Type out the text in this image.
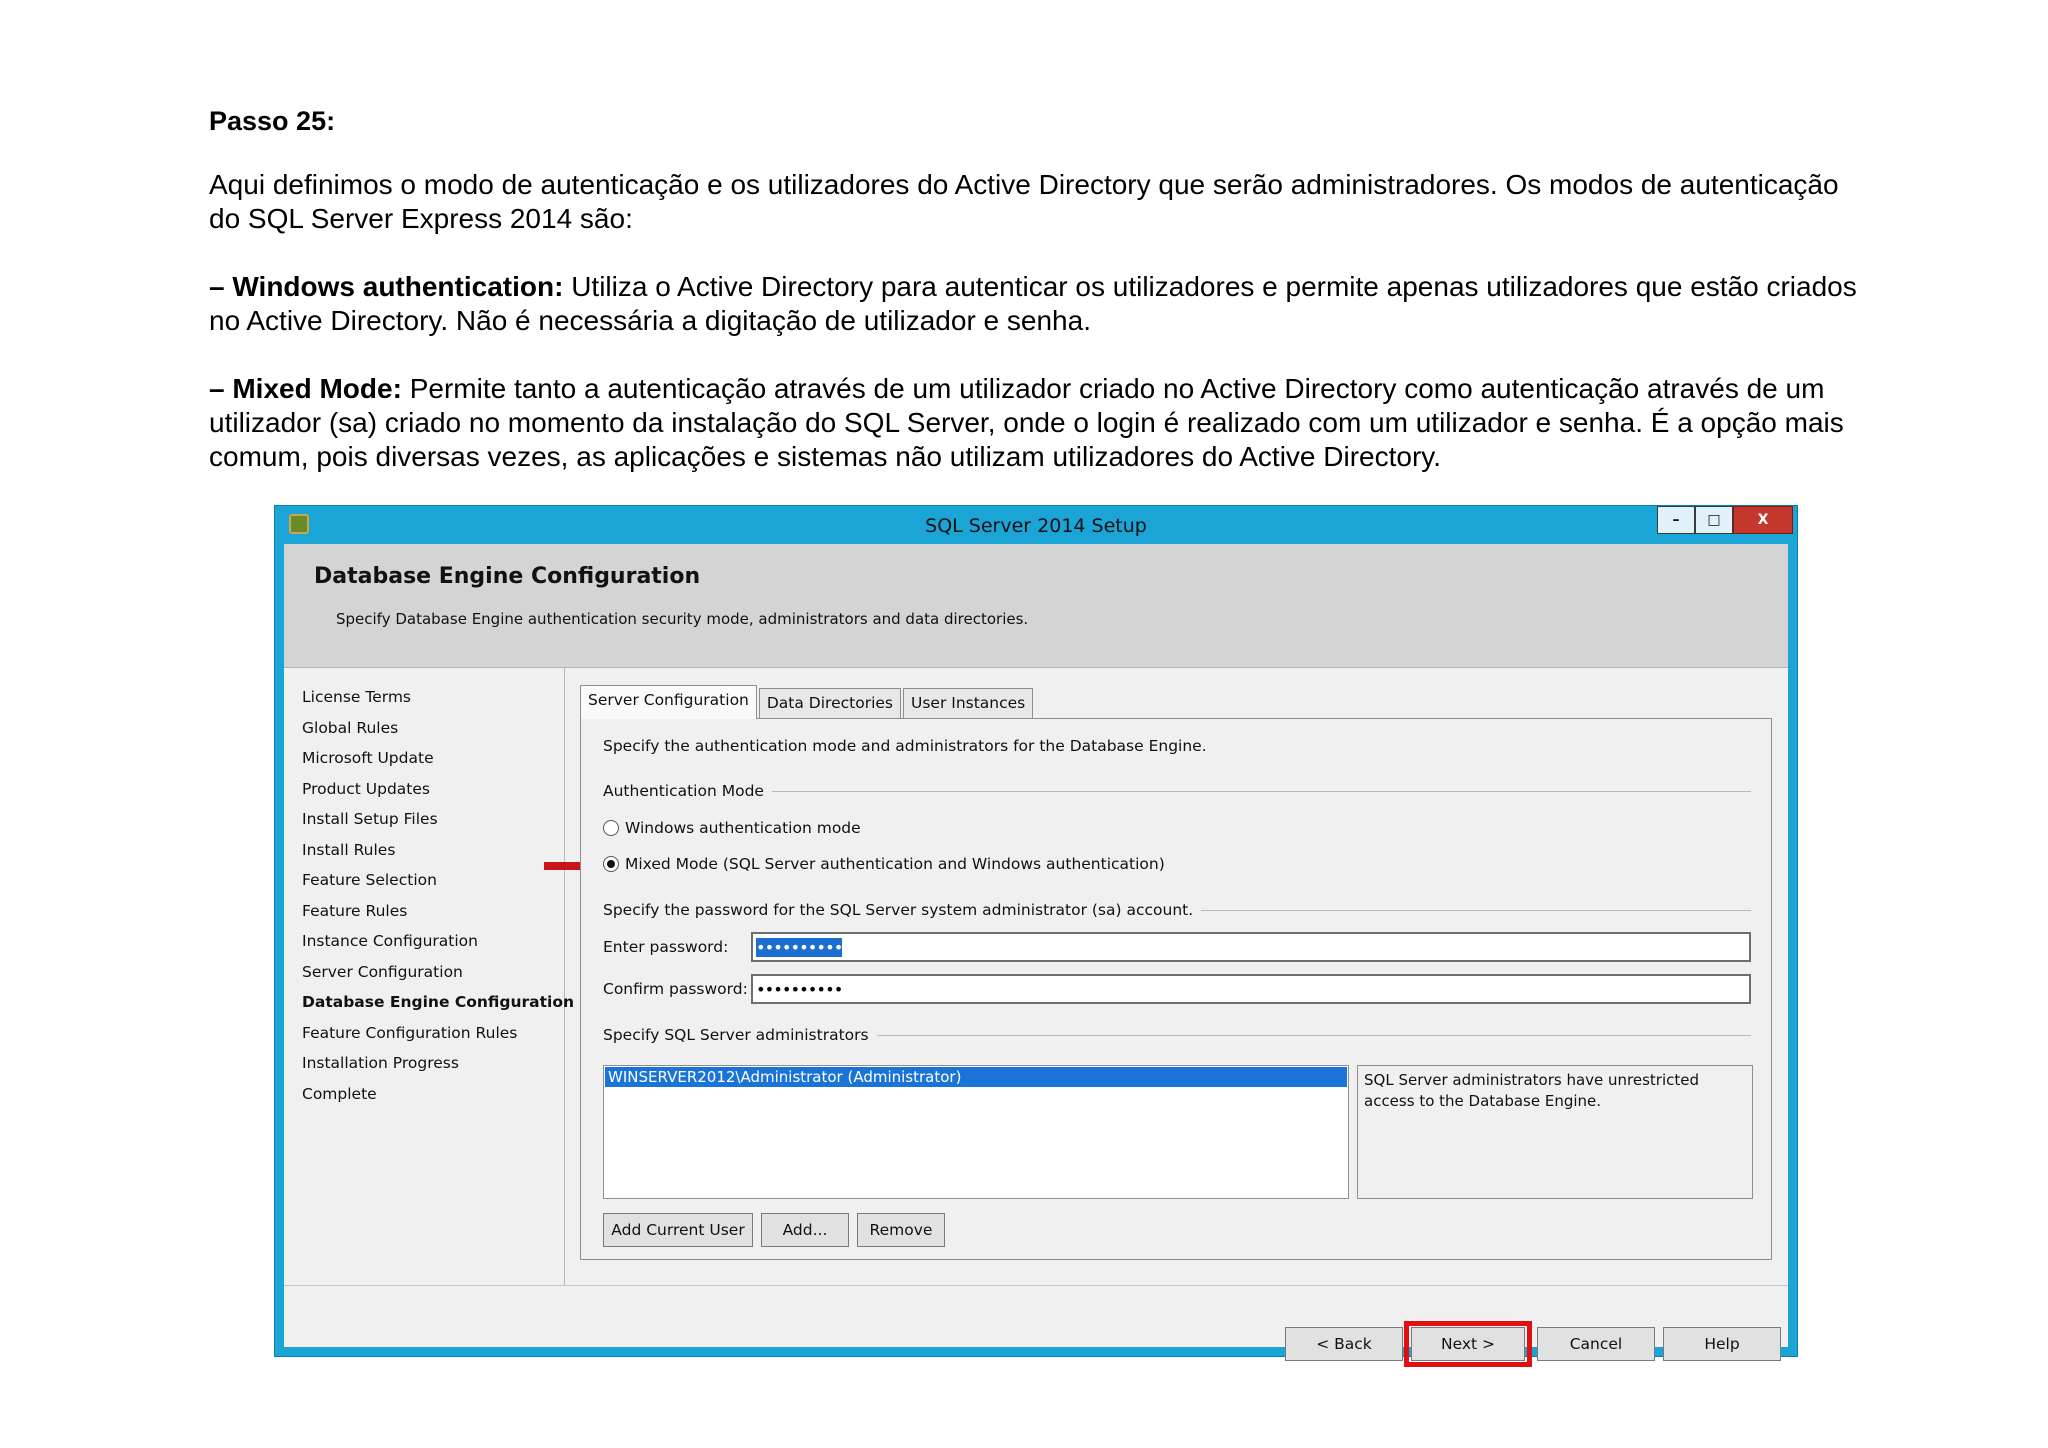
Passo 25:

Aqui definimos o modo de autenticação e os utilizadores do Active Directory que serão administradores. Os modos de autenticação do SQL Server Express 2014 são:

– Windows authentication: Utiliza o Active Directory para autenticar os utilizadores e permite apenas utilizadores que estão criados no Active Directory. Não é necessária a digitação de utilizador e senha.

– Mixed Mode: Permite tanto a autenticação através de um utilizador criado no Active Directory como autenticação através de um utilizador (sa) criado no momento da instalação do SQL Server, onde o login é realizado com um utilizador e senha. É a opção mais comum, pois diversas vezes, as aplicações e sistemas não utilizam utilizadores do Active Directory.

SQL Server 2014 Setup	–	□	X
Database Engine Configuration
Specify Database Engine authentication security mode, administrators and data directories.
License Terms
Global Rules
Microsoft Update
Product Updates
Install Setup Files
Install Rules
Feature Selection
Feature Rules
Instance Configuration
Server Configuration
Database Engine Configuration
Feature Configuration Rules
Installation Progress
Complete
Server Configuration	Data Directories	User Instances
Specify the authentication mode and administrators for the Database Engine.
Authentication Mode
Windows authentication mode
Mixed Mode (SQL Server authentication and Windows authentication)
Specify the password for the SQL Server system administrator (sa) account.
Enter password:	••••••••••
Confirm password: ••••••••••
Specify SQL Server administrators
WINSERVER2012\Administrator (Administrator)	SQL Server administrators have unrestricted access to the Database Engine.
Add Current User	Add...	Remove
< Back	Next >	Cancel	Help
